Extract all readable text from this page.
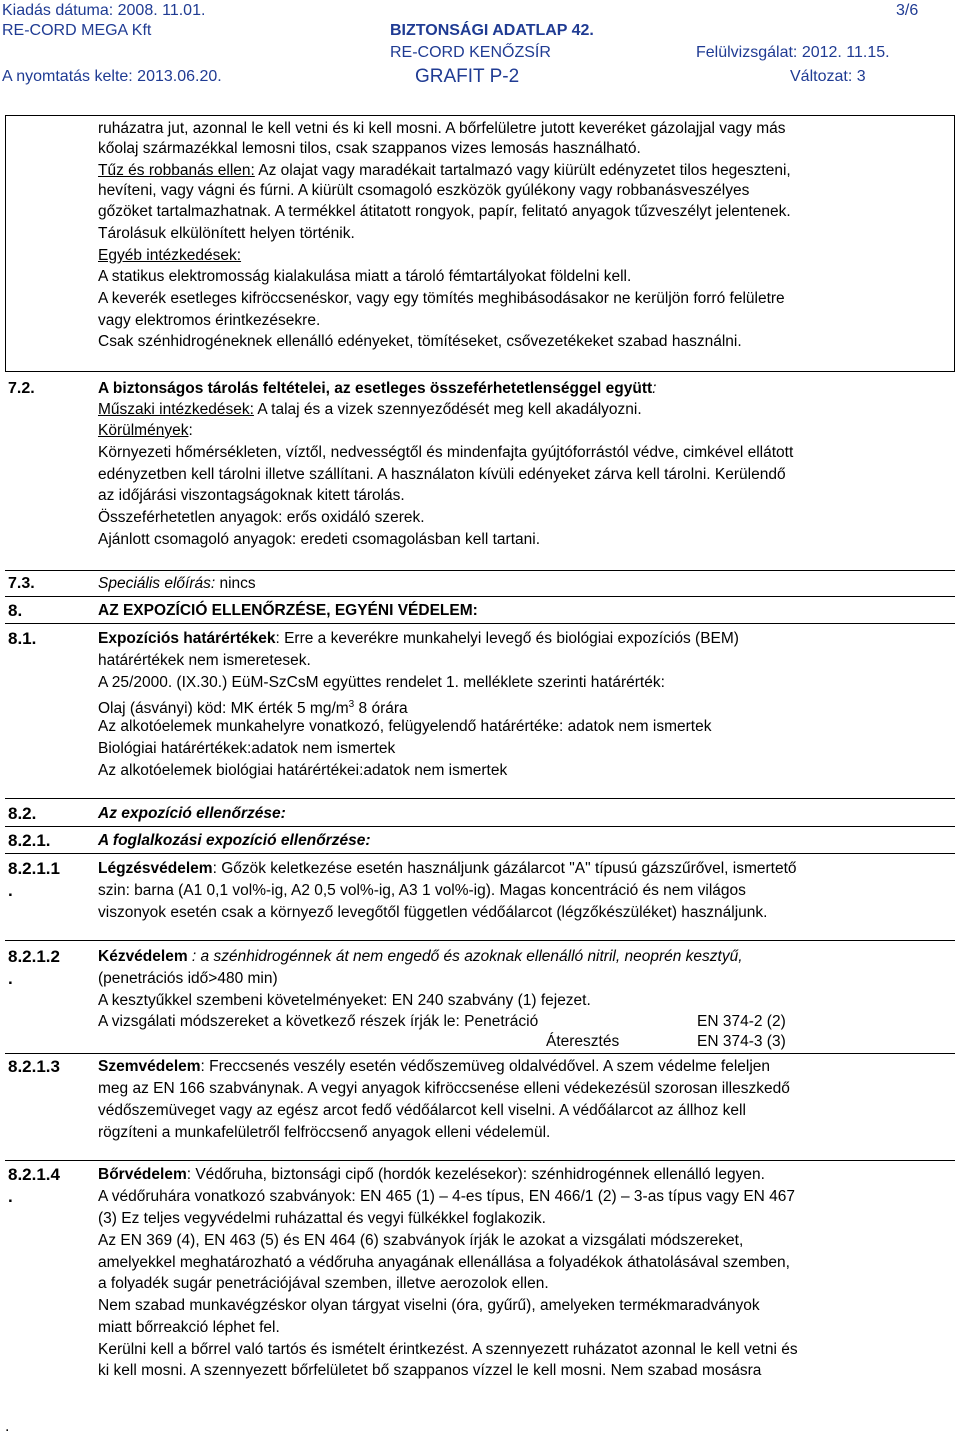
Kiadás dátuma: 2008. 11.01.
RE-CORD MEGA Kft
A nyomtatás kelte: 2013.06.20.
BIZTONSÁGI ADATLAP 42.
RE-CORD KENŐZSÍR
GRAFIT P-2
3/6
Felülvizsgálat: 2012. 11.15.
Változat: 3
ruházatra jut, azonnal le kell vetni és ki kell mosni. A bőrfelületre jutott keveréket gázolajjal vagy más
kőolaj származékkal lemosni tilos, csak szappanos vizes lemosás használható.
Tűz és robbanás ellen: Az olajat vagy maradékait tartalmazó vagy kiürült edényzetet tilos hegeszteni,
hevíteni, vagy vágni és fúrni. A kiürült csomagoló eszközök gyúlékony vagy robbanásveszélyes
gőzöket tartalmazhatnak. A termékkel átitatott rongyok, papír, felitató anyagok tűzveszélyt jelentenek.
Tárolásuk elkülönített helyen történik.
Egyéb intézkedések:
A statikus elektromosság kialakulása miatt a tároló fémtartályokat földelni kell.
A keverék esetleges kifröccsenéskor, vagy egy tömítés meghibásodásakor ne kerüljön forró felületre
vagy elektromos érintkezésekre.
Csak szénhidrogéneknek ellenálló edényeket, tömítéseket, csővezetékeket szabad használni.
7.2.	A biztonságos tárolás feltételei, az esetleges összeférhetetlenséggel együtt:
Műszaki intézkedések: A talaj és a vizek szennyeződését meg kell akadályozni.
Körülmények:
Környezeti hőmérsékleten, víztől, nedvességtől és mindenfajta gyújtóforrástól védve, cimkével ellátott
edényzetben kell tárolni illetve szállítani. A használaton kívüli edényeket zárva kell tárolni. Kerülendő
az időjárási viszontagságoknak kitett tárolás.
Összeférhetetlen anyagok: erős oxidáló szerek.
Ajánlott csomagoló anyagok: eredeti csomagolásban kell tartani.
7.3.	Speciális előírás: nincs
8.	AZ EXPOZÍCIÓ ELLENŐRZÉSE, EGYÉNI VÉDELEM:
8.1.	Expozíciós határértékek: Erre a keverékre munkahelyi levegő és biológiai expozíciós (BEM)
határértékek nem ismeretesek.
A 25/2000. (IX.30.) EüM-SzCsM együttes rendelet 1. melléklete szerinti határérték:
Olaj (ásványi) köd: MK érték 5 $mg/m^3$ 8 órára
Az alkotóelemek munkahelyre vonatkozó, felügyelendő határértéke: adatok nem ismertek
Biológiai határértékek:adatok nem ismertek
Az alkotóelemek biológiai határértékei:adatok nem ismertek
8.2.	Az expozíció ellenőrzése:
8.2.1.	A foglalkozási expozíció ellenőrzése:
8.2.1.1
.
Légzésvédelem: Gőzök keletkezése esetén használjunk gázálarcot "A" típusú gázszűrővel, ismertető
szin: barna (A1 0,1 vol%-ig, A2 0,5 vol%-ig, A3 1 vol%-ig). Magas koncentráció és nem világos
viszonyok esetén csak a környező levegőtől független védőálarcot (légzőkészüléket) használjunk.
8.2.1.2
.
Kézvédelem : a szénhidrogénnek át nem engedő és azoknak ellenálló nitril, neoprén kesztyű,
(penetrációs idő>480 min)
A kesztyűkkel szembeni követelményeket: EN 240 szabvány (1) fejezet.
A vizsgálati módszereket a következő részek írják le: Penetráció	EN 374-2 (2)
Áteresztés	EN 374-3 (3)
8.2.1.3 Szemvédelem: Freccsenés veszély esetén védőszemüveg oldalvédővel. A szem védelme feleljen
meg az EN 166 szabványnak. A vegyi anyagok kifröccsenése elleni védekezésül szorosan illeszkedő
védőszemüveget vagy az egész arcot fedő védőálarcot kell viselni. A védőálarcot az állhoz kell
rögzíteni a munkafelületről felfröccsenő anyagok elleni védelemül.
8.2.1.4
.
Bőrvédelem: Védőruha, biztonsági cipő (hordók kezelésekor): szénhidrogénnek ellenálló legyen.
A védőruhára vonatkozó szabványok: EN 465 (1) – 4-es típus, EN 466/1 (2) – 3-as típus vagy EN 467
(3) Ez teljes vegyvédelmi ruházattal és vegyi fülkékkel foglakozik.
Az EN 369 (4), EN 463 (5) és EN 464 (6) szabványok írják le azokat a vizsgálati módszereket,
amelyekkel meghatározható a védőruha anyagának ellenállása a folyadékok áthatolásával szemben,
a folyadék sugár penetrációjával szemben, illetve aerozolok ellen.
Nem szabad munkavégzéskor olyan tárgyat viselni (óra, gyűrű), amelyeken termékmaradványok
miatt bőrreakció léphet fel.
Kerülni kell a bőrrel való tartós és ismételt érintkezést. A szennyezett ruházatot azonnal le kell vetni és
ki kell mosni. A szennyezett bőrfelületet bő szappanos vízzel le kell mosni. Nem szabad mosásra
.
